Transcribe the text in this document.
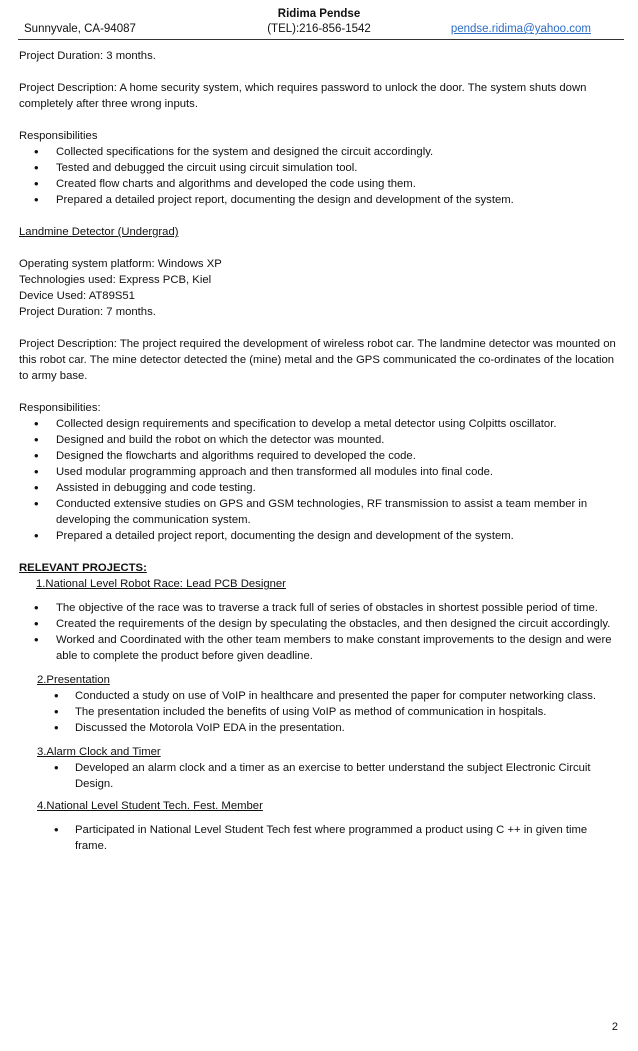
Ridima Pendse
Sunnyvale, CA-94087	(TEL):216-856-1542	pendse.ridima@yahoo.com

Project Duration: 3 months.

Project Description: A home security system, which requires password to unlock the door. The system shuts down completely after three wrong inputs.

Responsibilities

• Collected specifications for the system and designed the circuit accordingly.
• Tested and debugged the circuit using circuit simulation tool.
• Created flow charts and algorithms and developed the code using them.
• Prepared a detailed project report, documenting the design and development of the system.

Landmine Detector (Undergrad)

Operating system platform: Windows XP

Technologies used: Express PCB, Kiel

Device Used: AT89S51

Project Duration: 7 months.

Project Description: The project required the development of wireless robot car. The landmine detector was mounted on this robot car. The mine detector detected the (mine) metal and the GPS communicated the co-ordinates of the location to army base.

Responsibilities:

• Collected design requirements and specification to develop a metal detector using Colpitts oscillator.
• Designed and build the robot on which the detector was mounted.
• Designed the flowcharts and algorithms required to developed the code.
• Used modular programming approach and then transformed all modules into final code.
• Assisted in debugging and code testing.
• Conducted extensive studies on GPS and GSM technologies, RF transmission to assist a team member in developing the communication system.
• Prepared a detailed project report, documenting the design and development of the system.

RELEVANT PROJECTS:

1.National Level Robot Race: Lead PCB Designer

• The objective of the race was to traverse a track full of series of obstacles in shortest possible period of time.
• Created the requirements of the design by speculating the obstacles, and then designed the circuit accordingly.
• Worked and Coordinated with the other team members to make constant improvements to the design and were able to complete the product before given deadline.

2.Presentation

• Conducted a study on use of VoIP in healthcare and presented the paper for computer networking class.
• The presentation included the benefits of using VoIP as method of communication in hospitals.
• Discussed the Motorola VoIP EDA in the presentation.

3.Alarm Clock and Timer

• Developed an alarm clock and a timer as an exercise to better understand the subject Electronic Circuit Design.

4.National Level Student Tech. Fest. Member

• Participated in National Level Student Tech fest where programmed a product using C ++ in given time frame.
2
